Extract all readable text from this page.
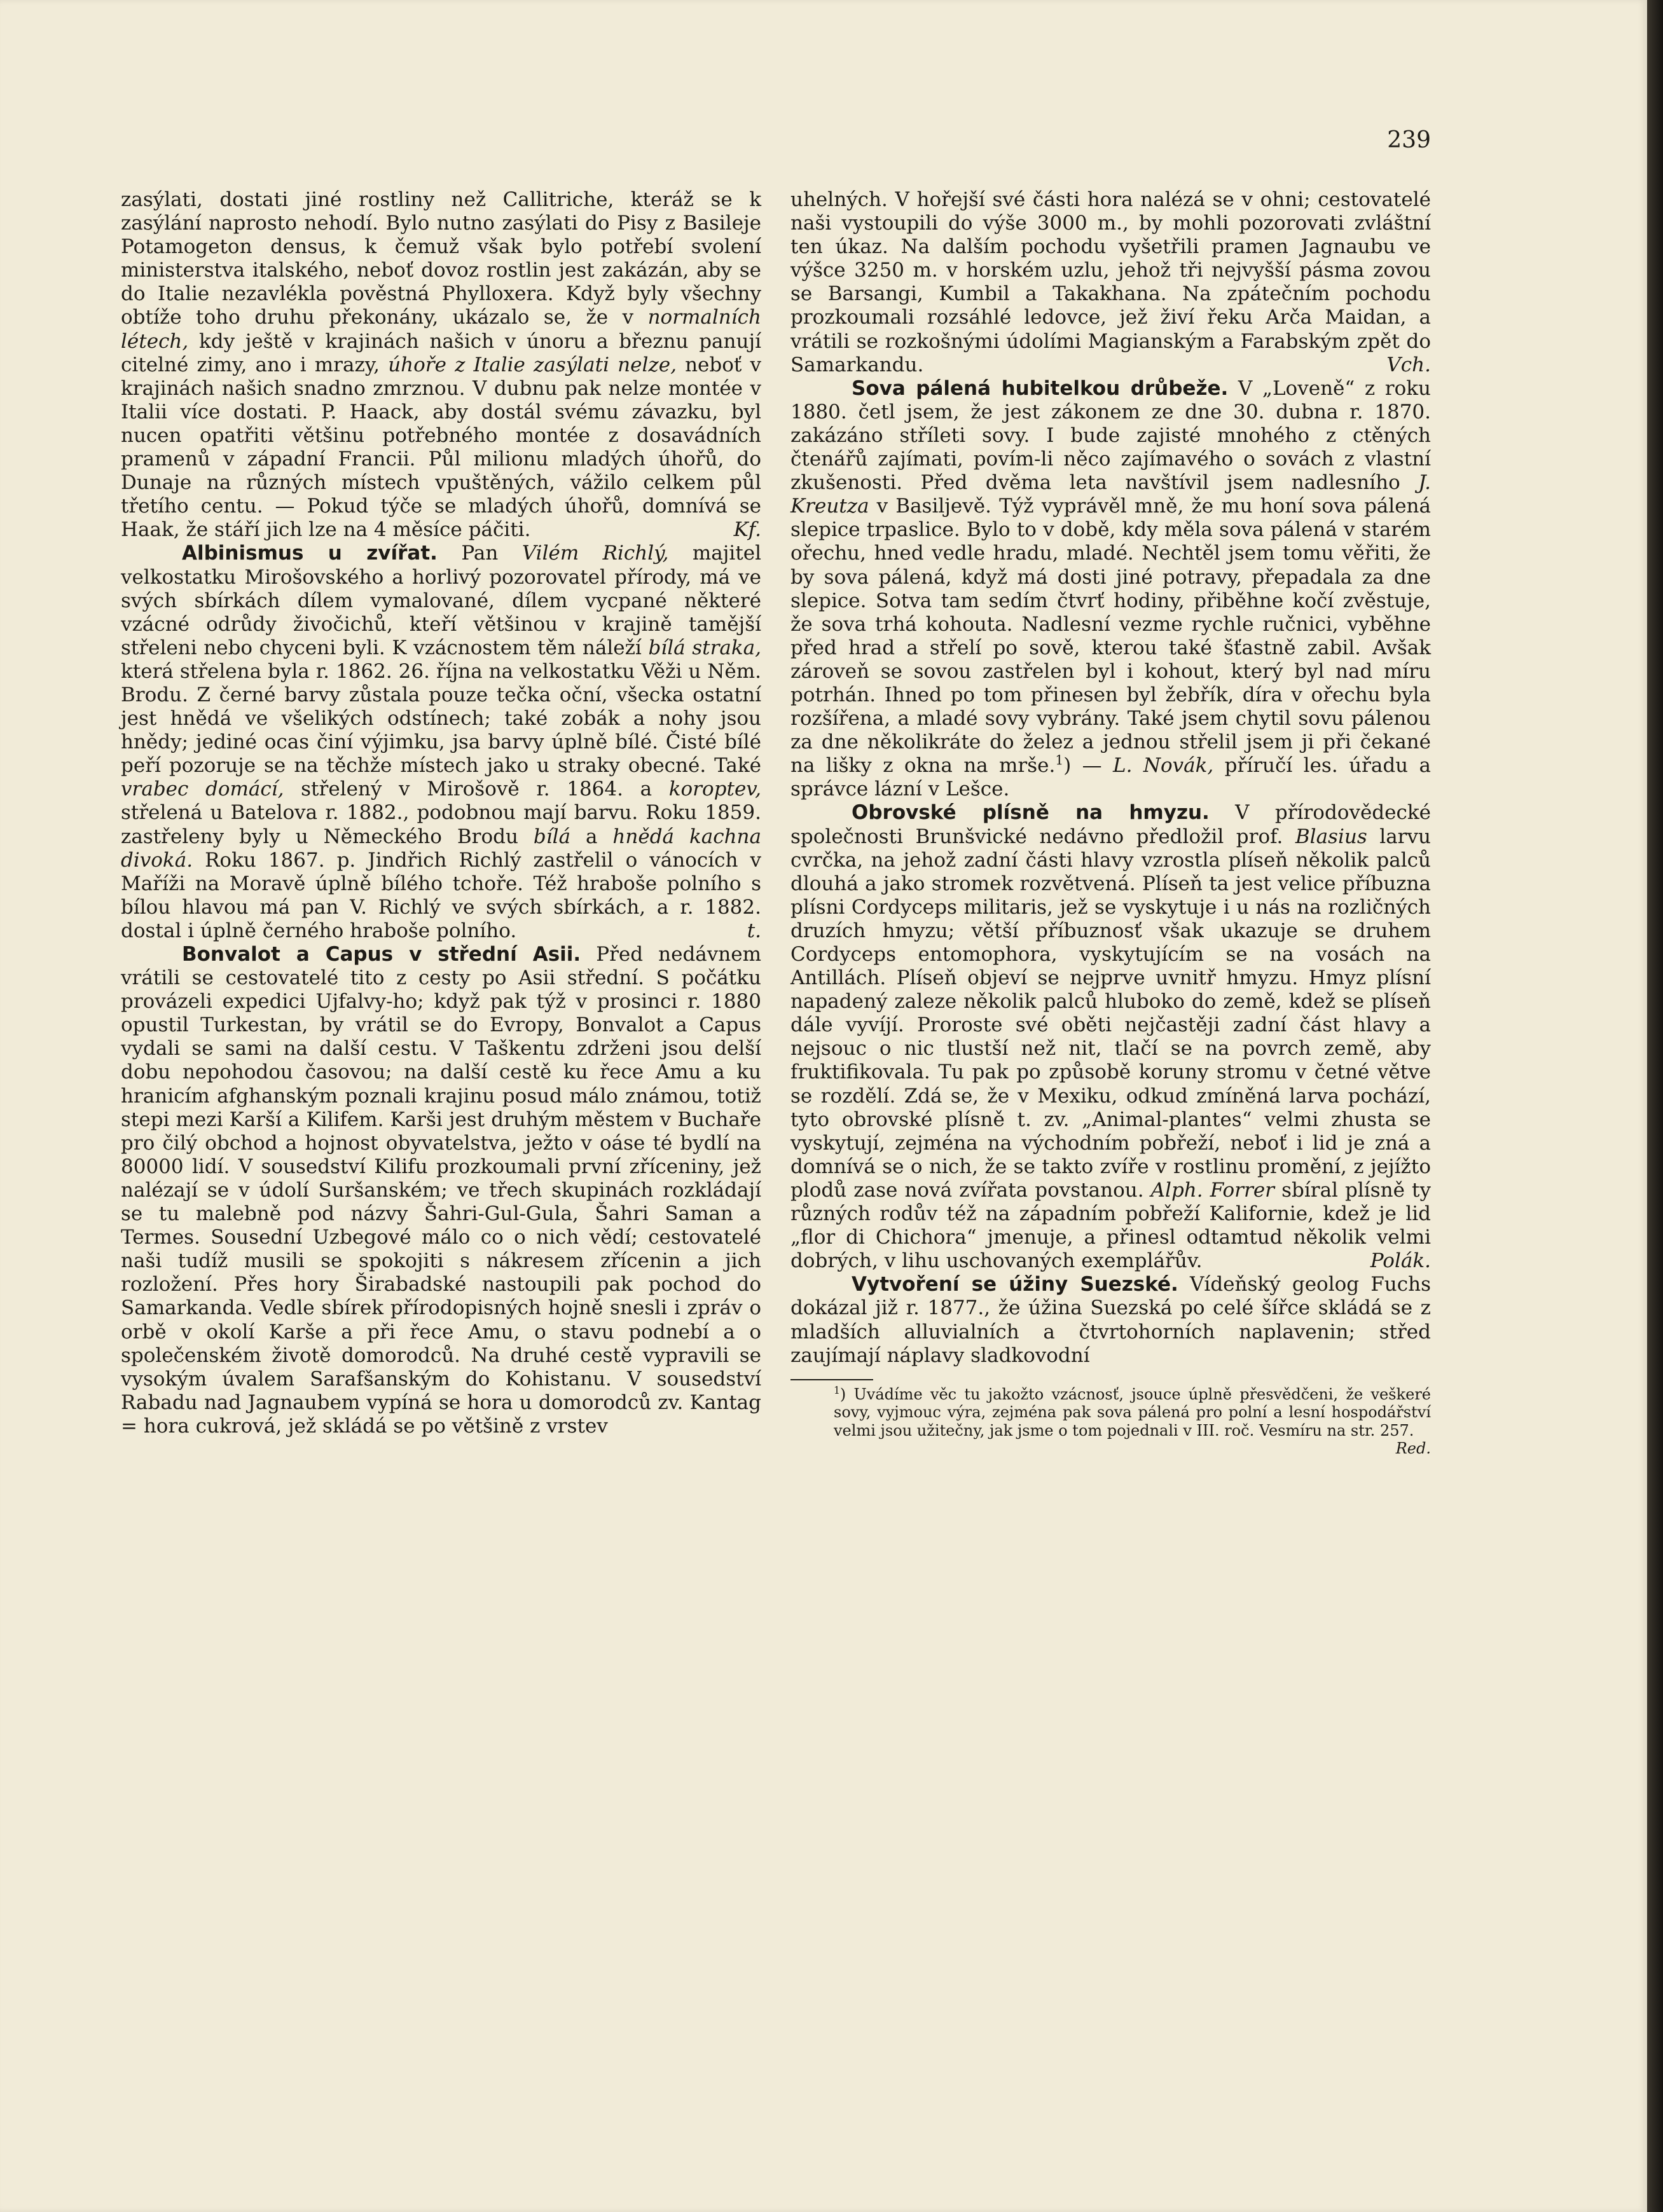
239

zasýlati, dostati jiné rostliny než Callitriche, kteráž se k zasýlání naprosto nehodí. Bylo nutno zasýlati do Pisy z Basileje Potamogeton densus, k čemuž však bylo potřebí svolení ministerstva italského, neboť dovoz rostlin jest zakázán, aby se do Italie nezavlékla pověstná Phylloxera. Když byly všechny obtíže toho druhu překonány, ukázalo se, že v normalních létech, kdy ještě v krajinách našich v únoru a březnu panují citelné zimy, ano i mrazy, úhoře z Italie zasýlati nelze, neboť v krajinách našich snadno zmrznou. V dubnu pak nelze montée v Italii více dostati. P. Haack, aby dostál svému závazku, byl nucen opatřiti většinu potřebného montée z dosavádních pramenů v západní Francii. Půl milionu mladých úhořů, do Dunaje na různých místech vpuštěných, vážilo celkem půl třetího centu. — Pokud týče se mladých úhořů, domnívá se Haak, že stáří jich lze na 4 měsíce páčiti.	Kf.

Albinismus u zvířat. Pan Vilém Richlý, majitel velkostatku Mirošovského a horlivý pozorovatel přírody, má ve svých sbírkách dílem vymalované, dílem vycpané některé vzácné odrůdy živočichů, kteří většinou v krajině tamější střeleni nebo chyceni byli. K vzácnostem těm náleží bílá straka, která střelena byla r. 1862. 26. října na velkostatku Věži u Něm. Brodu. Z černé barvy zůstala pouze tečka oční, všecka ostatní jest hnědá ve všelikých odstínech; také zobák a nohy jsou hnědy; jediné ocas činí výjimku, jsa barvy úplně bílé. Čisté bílé peří pozoruje se na těchže místech jako u straky obecné. Také vrabec domácí, střelený v Mirošově r. 1864. a koroptev, střelená u Batelova r. 1882., podobnou mají barvu. Roku 1859. zastřeleny byly u Německého Brodu bílá a hnědá kachna divoká. Roku 1867. p. Jindřich Richlý zastřelil o vánocích v Maříži na Moravě úplně bílého tchoře. Též hraboše polního s bílou hlavou má pan V. Richlý ve svých sbírkách, a r. 1882. dostal i úplně černého hraboše polního.	t.

Bonvalot a Capus v střední Asii. Před nedávnem vrátili se cestovatelé tito z cesty po Asii střední. S počátku provázeli expedici Ujfalvy-ho; když pak týž v prosinci r. 1880 opustil Turkestan, by vrátil se do Evropy, Bonvalot a Capus vydali se sami na další cestu. V Taškentu zdrženi jsou delší dobu nepohodou časovou; na další cestě ku řece Amu a ku hranicím afghanským poznali krajinu posud málo známou, totiž stepi mezi Karší a Kilifem. Karši jest druhým městem v Buchaře pro čilý obchod a hojnost obyvatelstva, ježto v oáse té bydlí na 80000 lidí. V sousedství Kilifu prozkoumali první zříceniny, jež nalézají se v údolí Suršanském; ve třech skupinách rozkládají se tu malebně pod názvy Šahri-Gul-Gula, Šahri Saman a Termes. Sousední Uzbegové málo co o nich vědí; cestovatelé naši tudíž musili se spokojiti s nákresem zřícenin a jich rozložení. Přes hory Širabadské nastoupili pak pochod do Samarkanda. Vedle sbírek přírodopisných hojně snesli i zpráv o orbě v okolí Karše a při řece Amu, o stavu podnebí a o společenském životě domorodců. Na druhé cestě vypravili se vysokým úvalem Sarafšanským do Kohistanu. V sousedství Rabadu nad Jagnaubem vypíná se hora u domorodců zv. Kantag = hora cukrová, jež skládá se po většině z vrstev

uhelných. V hořejší své části hora nalézá se v ohni; cestovatelé naši vystoupili do výše 3000 m., by mohli pozorovati zvláštní ten úkaz. Na dalším pochodu vyšetřili pramen Jagnaubu ve výšce 3250 m. v horském uzlu, jehož tři nejvyšší pásma zovou se Barsangi, Kumbil a Takakhana. Na zpátečním pochodu prozkoumali rozsáhlé ledovce, jež živí řeku Arča Maidan, a vrátili se rozkošnými údolími Magianským a Farabským zpět do Samarkandu.	Vch.

Sova pálená hubitelkou drůbeže. V „Loveně“ z roku 1880. četl jsem, že jest zákonem ze dne 30. dubna r. 1870. zakázáno stříleti sovy. I bude zajisté mnohého z ctěných čtenářů zajímati, povím-li něco zajímavého o sovách z vlastní zkušenosti. Před dvěma leta navštívil jsem nadlesního J. Kreutza v Basiljevě. Týž vyprávěl mně, že mu honí sova pálená slepice trpaslice. Bylo to v době, kdy měla sova pálená v starém ořechu, hned vedle hradu, mladé. Nechtěl jsem tomu věřiti, že by sova pálená, když má dosti jiné potravy, přepadala za dne slepice. Sotva tam sedím čtvrť hodiny, přiběhne kočí zvěstuje, že sova trhá kohouta. Nadlesní vezme rychle ručnici, vyběhne před hrad a střelí po sově, kterou také šťastně zabil. Avšak zároveň se sovou zastřelen byl i kohout, který byl nad míru potrhán. Ihned po tom přinesen byl žebřík, díra v ořechu byla rozšířena, a mladé sovy vybrány. Také jsem chytil sovu pálenou za dne několikráte do želez a jednou střelil jsem ji při čekané na lišky z okna na mrše.$^1$) — L. Novák, příručí les. úřadu a správce lázní v Lešce.

Obrovské plísně na hmyzu. V přírodovědecké společnosti Brunšvické nedávno předložil prof. Blasius larvu cvrčka, na jehož zadní části hlavy vzrostla plíseň několik palců dlouhá a jako stromek rozvětvená. Plíseň ta jest velice příbuzna plísni Cordyceps militaris, jež se vyskytuje i u nás na rozličných druzích hmyzu; větší příbuznosť však ukazuje se druhem Cordyceps entomophora, vyskytujícím se na vosách na Antillách. Plíseň objeví se nejprve uvnitř hmyzu. Hmyz plísní napadený zaleze několik palců hluboko do země, kdež se plíseň dále vyvíjí. Proroste své oběti nejčastěji zadní část hlavy a nejsouc o nic tlustší než nit, tlačí se na povrch země, aby fruktifikovala. Tu pak po způsobě koruny stromu v četné větve se rozdělí. Zdá se, že v Mexiku, odkud zmíněná larva pochází, tyto obrovské plísně t. zv. „Animal-plantes“ velmi zhusta se vyskytují, zejména na východním pobřeží, neboť i lid je zná a domnívá se o nich, že se takto zvíře v rostlinu promění, z jejížto plodů zase nová zvířata povstanou. Alph. Forrer sbíral plísně ty různých rodův též na západním pobřeží Kalifornie, kdež je lid „flor di Chichora“ jmenuje, a přinesl odtamtud několik velmi dobrých, v lihu uschovaných exemplářův.	Polák.

Vytvoření se úžiny Suezské. Vídeňský geolog Fuchs dokázal již r. 1877., že úžina Suezská po celé šířce skládá se z mladších alluvialních a čtvrtohorních naplavenin; střed zaujímají náplavy sladkovodní

$^1$) Uvádíme věc tu jakožto vzácnosť, jsouce úplně přesvědčeni, že veškeré sovy, vyjmouc výra, zejména pak sova pálená pro polní a lesní hospodářství velmi jsou užitečny, jak jsme o tom pojednali v III. roč. Vesmíru na str. 257.

Red.
